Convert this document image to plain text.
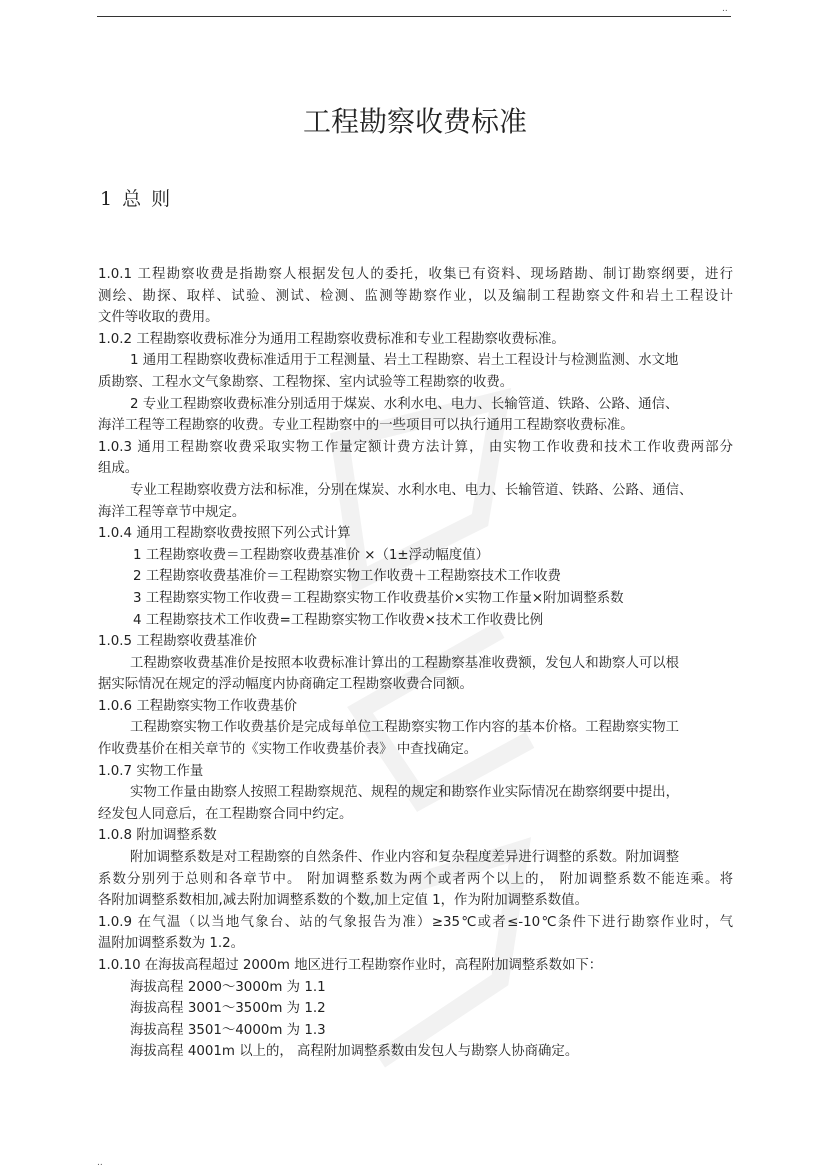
..
工程勘察收费标准
1 总 则
1.0.1 工程勘察收费是指勘察人根据发包人的委托，收集已有资料、现场踏勘、制订勘察纲要，进行
测绘、勘探、取样、试验、测试、检测、监测等勘察作业，以及编制工程勘察文件和岩土工程设计
文件等收取的费用。
1.0.2 工程勘察收费标准分为通用工程勘察收费标准和专业工程勘察收费标准。
1 通用工程勘察收费标准适用于工程测量、岩土工程勘察、岩土工程设计与检测监测、水文地
质勘察、工程水文气象勘察、工程物探、室内试验等工程勘察的收费。
2 专业工程勘察收费标准分别适用于煤炭、水利水电、电力、长输管道、铁路、公路、通信、
海洋工程等工程勘察的收费。专业工程勘察中的一些项目可以执行通用工程勘察收费标准。
1.0.3 通用工程勘察收费采取实物工作量定额计费方法计算， 由实物工作收费和技术工作收费两部分
组成。
专业工程勘察收费方法和标准，分别在煤炭、水利水电、电力、长输管道、铁路、公路、通信、
海洋工程等章节中规定。
1.0.4 通用工程勘察收费按照下列公式计算
1 工程勘察收费＝工程勘察收费基准价 ×（1±浮动幅度值）
2 工程勘察收费基准价＝工程勘察实物工作收费＋工程勘察技术工作收费
3 工程勘察实物工作收费＝工程勘察实物工作收费基价×实物工作量×附加调整系数
4 工程勘察技术工作收费=工程勘察实物工作收费×技术工作收费比例
1.0.5 工程勘察收费基准价
工程勘察收费基准价是按照本收费标准计算出的工程勘察基准收费额，发包人和勘察人可以根
据实际情况在规定的浮动幅度内协商确定工程勘察收费合同额。
1.0.6 工程勘察实物工作收费基价
工程勘察实物工作收费基价是完成每单位工程勘察实物工作内容的基本价格。工程勘察实物工
作收费基价在相关章节的《实物工作收费基价表》 中查找确定。
1.0.7 实物工作量
实物工作量由勘察人按照工程勘察规范、规程的规定和勘察作业实际情况在勘察纲要中提出，
经发包人同意后，在工程勘察合同中约定。
1.0.8 附加调整系数
附加调整系数是对工程勘察的自然条件、作业内容和复杂程度差异进行调整的系数。附加调整
系数分别列于总则和各章节中。 附加调整系数为两个或者两个以上的， 附加调整系数不能连乘。将
各附加调整系数相加,减去附加调整系数的个数,加上定值 1，作为附加调整系数值。
1.0.9 在气温（以当地气象台、站的气象报告为准）≥35℃或者≤-10℃条件下进行勘察作业时，气
温附加调整系数为 1.2。
1.0.10 在海拔高程超过 2000m 地区进行工程勘察作业时，高程附加调整系数如下：
海拔高程 2000～3000m 为 1.1
海拔高程 3001～3500m 为 1.2
海拔高程 3501～4000m 为 1.3
海拔高程 4001m 以上的， 高程附加调整系数由发包人与勘察人协商确定。
..
